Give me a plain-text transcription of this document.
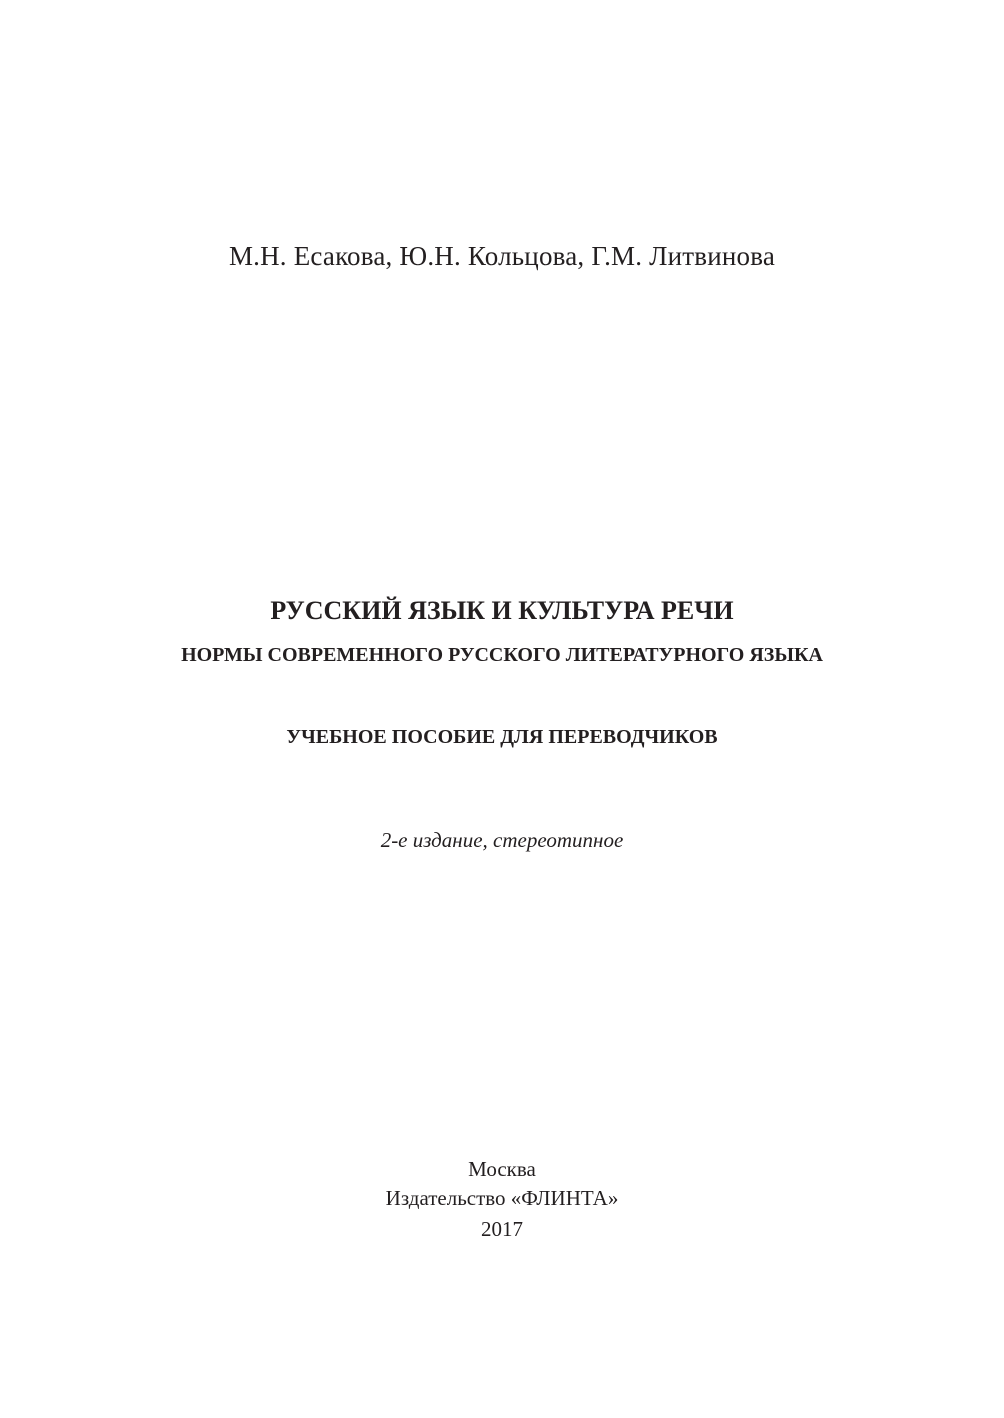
М.Н. Есакова, Ю.Н. Кольцова, Г.М. Литвинова
РУССКИЙ ЯЗЫК И КУЛЬТУРА РЕЧИ
НОРМЫ СОВРЕМЕННОГО РУССКОГО ЛИТЕРАТУРНОГО ЯЗЫКА
УЧЕБНОЕ ПОСОБИЕ ДЛЯ ПЕРЕВОДЧИКОВ
2-е издание, стереотипное
Москва
Издательство «ФЛИНТА»
2017
